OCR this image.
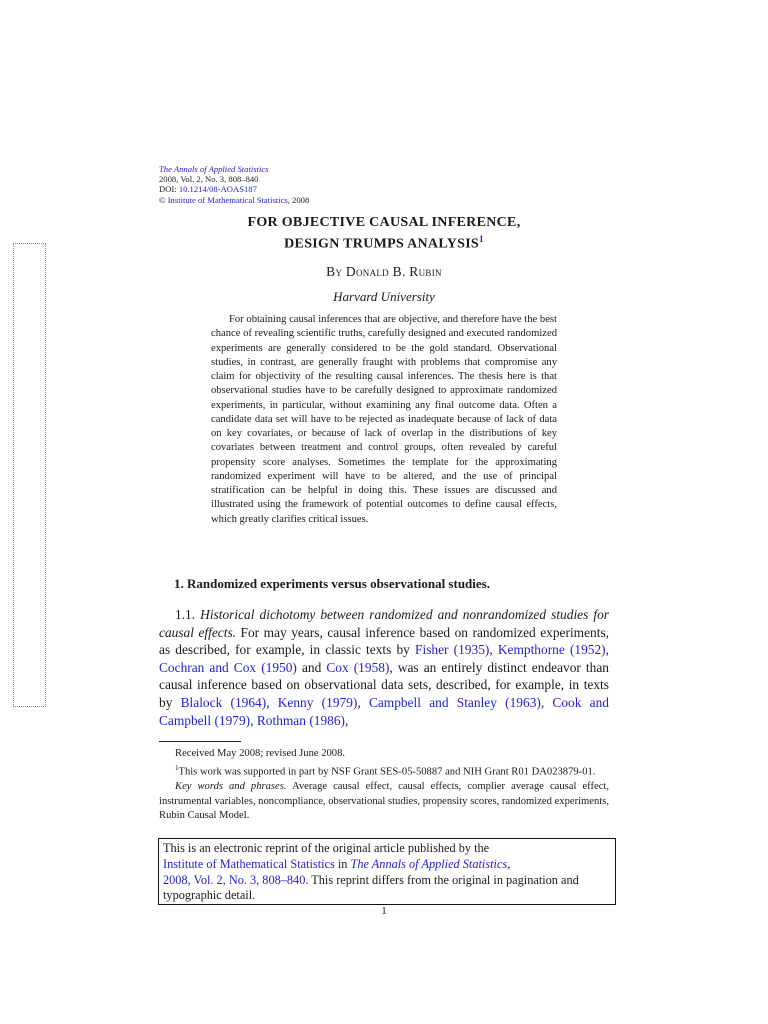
The Annals of Applied Statistics
2008, Vol. 2, No. 3, 808–840
DOI: 10.1214/08-AOAS187
© Institute of Mathematical Statistics, 2008
FOR OBJECTIVE CAUSAL INFERENCE,
DESIGN TRUMPS ANALYSIS$^1$
By Donald B. Rubin
Harvard University

For obtaining causal inferences that are objective, and therefore have the best chance of revealing scientific truths, carefully designed and executed randomized experiments are generally considered to be the gold standard. Observational studies, in contrast, are generally fraught with problems that compromise any claim for objectivity of the resulting causal inferences. The thesis here is that observational studies have to be carefully designed to approximate randomized experiments, in particular, without examining any final outcome data. Often a candidate data set will have to be rejected as inadequate because of lack of data on key covariates, or because of lack of overlap in the distributions of key covariates between treatment and control groups, often revealed by careful propensity score analyses. Sometimes the template for the approximating randomized experiment will have to be altered, and the use of principal stratification can be helpful in doing this. These issues are discussed and illustrated using the framework of potential outcomes to define causal effects, which greatly clarifies critical issues.

1. Randomized experiments versus observational studies.

1.1. Historical dichotomy between randomized and nonrandomized studies for causal effects. For may years, causal inference based on randomized experiments, as described, for example, in classic texts by Fisher (1935), Kempthorne (1952), Cochran and Cox (1950) and Cox (1958), was an entirely distinct endeavor than causal inference based on observational data sets, described, for example, in texts by Blalock (1964), Kenny (1979), Campbell and Stanley (1963), Cook and Campbell (1979), Rothman (1986),

Received May 2008; revised June 2008.

$^1$This work was supported in part by NSF Grant SES-05-50887 and NIH Grant R01 DA023879-01.

Key words and phrases. Average causal effect, causal effects, complier average causal effect, instrumental variables, noncompliance, observational studies, propensity scores, randomized experiments, Rubin Causal Model.

This is an electronic reprint of the original article published by the
Institute of Mathematical Statistics in The Annals of Applied Statistics,
2008, Vol. 2, No. 3, 808–840. This reprint differs from the original in pagination and typographic detail.
1
